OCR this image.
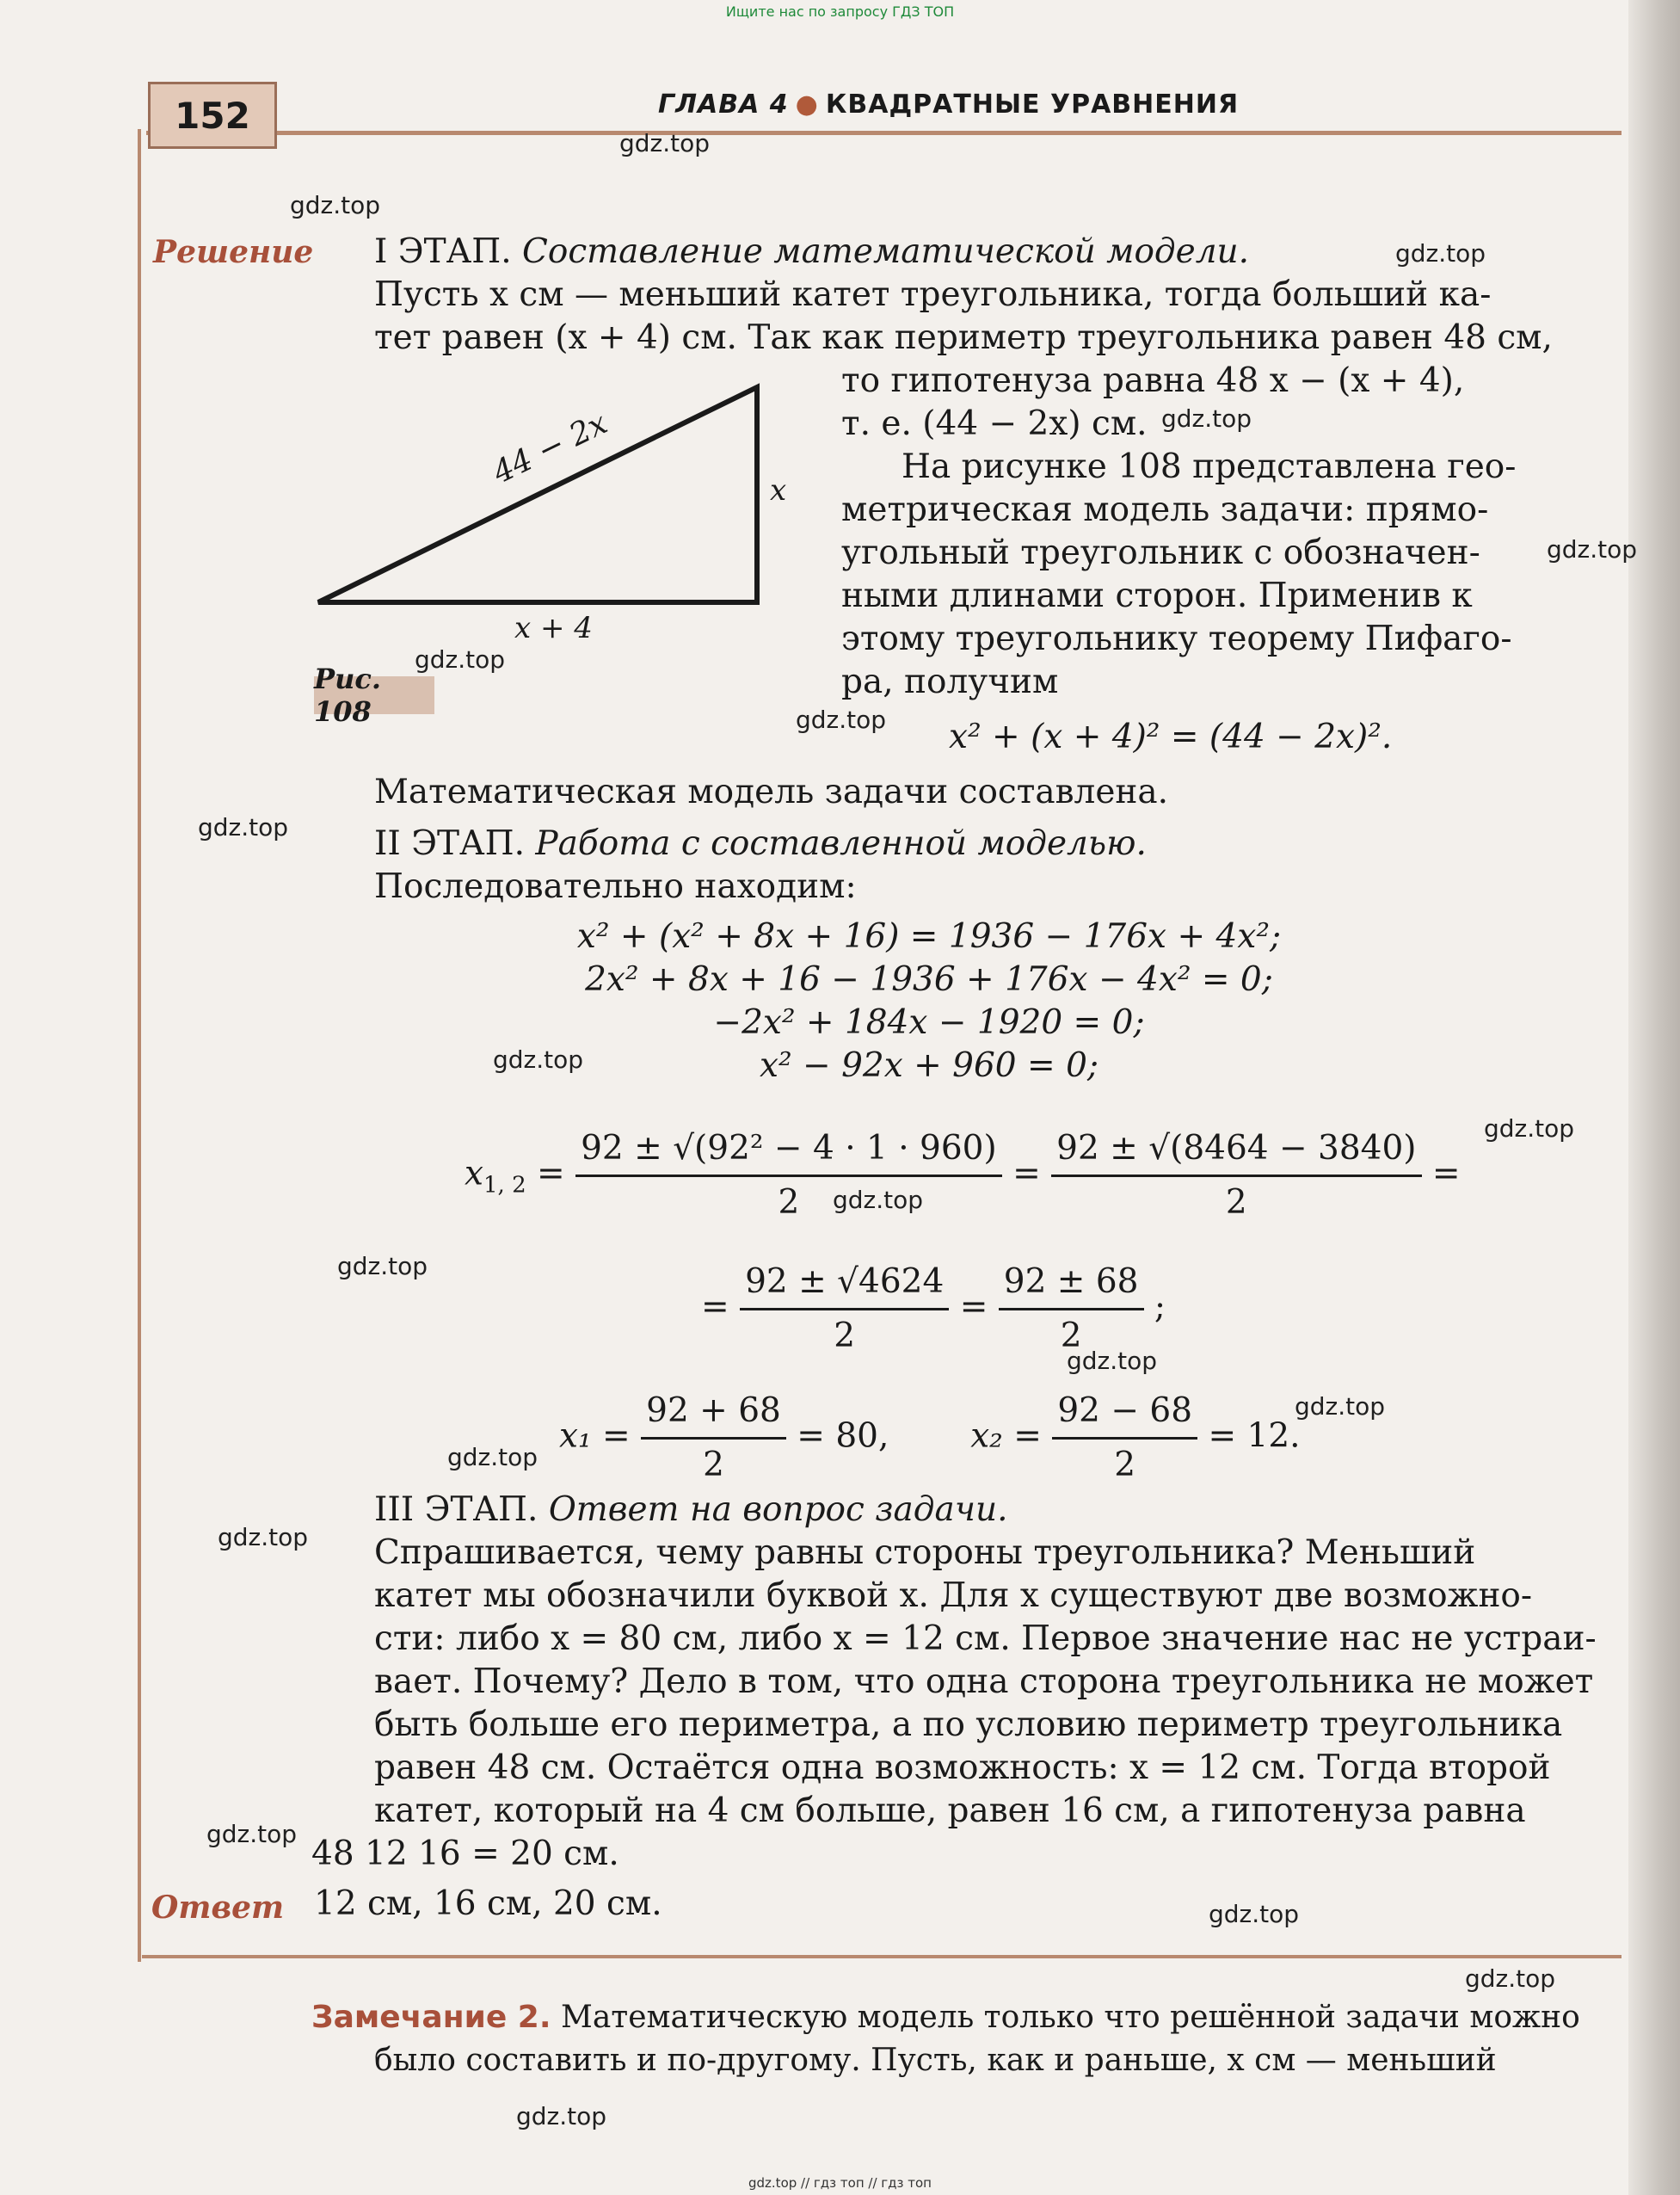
Ищите нас по запросу ГДЗ ТОП
152	ГЛАВА 4 ● КВАДРАТНЫЕ УРАВНЕНИЯ
gdz.top
gdz.top
gdz.top
gdz.top
gdz.top
gdz.top
gdz.top
gdz.top
gdz.top
gdz.top
gdz.top
gdz.top
gdz.top
gdz.top
gdz.top
gdz.top
gdz.top
gdz.top
gdz.top
gdz.top
Решение I ЭТАП. Составление математической модели.
Пусть x см — меньший катет треугольника, тогда больший ка-
тет равен (x + 4) см. Так как периметр треугольника равен 48 см,
то гипотенуза равна 48 x − (x + 4),
т. е. (44 − 2x) см.
На рисунке 108 представлена гео-
метрическая модель задачи: прямо-
угольный треугольник с обозначен-
ными длинами сторон. Применив к
этому треугольнику теорему Пифаго-
ра, получим
44 − 2x	x
x + 4
Рис. 108
x² + (x + 4)² = (44 − 2x)².
Математическая модель задачи составлена.
II ЭТАП. Работа с составленной моделью.
Последовательно находим:
x² + (x² + 8x + 16) = 1936 − 176x + 4x²;
2x² + 8x + 16 − 1936 + 176x − 4x² = 0;
−2x² + 184x − 1920 = 0;
x² − 92x + 960 = 0;
$x_{1, 2} = \frac{\text{92 ± √(92² − 4 · 1 · 960)}}{2} = \frac{92 \pm √(8464 - 3840)}{2}$ =
= $\frac{92 \pm √4624}{2} = \frac{92 \pm 68}{2}$ ;
$x_1 = \frac{92 + 68}{2} = 80$, $x_2 = \frac{92 - 68}{2} = 12$.
III ЭТАП. Ответ на вопрос задачи.
Спрашивается, чему равны стороны треугольника? Меньший
катет мы обозначили буквой x. Для x существуют две возможно-
сти: либо x = 80 см, либо x = 12 см. Первое значение нас не устраи-
вает. Почему? Дело в том, что одна сторона треугольника не может
быть больше его периметра, а по условию периметр треугольника
равен 48 см. Остаётся одна возможность: x = 12 см. Тогда второй
катет, который на 4 см больше, равен 16 см, а гипотенуза равна
48 12 16 = 20 см.
Ответ 12 см, 16 см, 20 см.
Замечание 2. Математическую модель только что решённой задачи можно
было составить и по-другому. Пусть, как и раньше, x см — меньший
gdz.top // гдз топ // гдз топ
